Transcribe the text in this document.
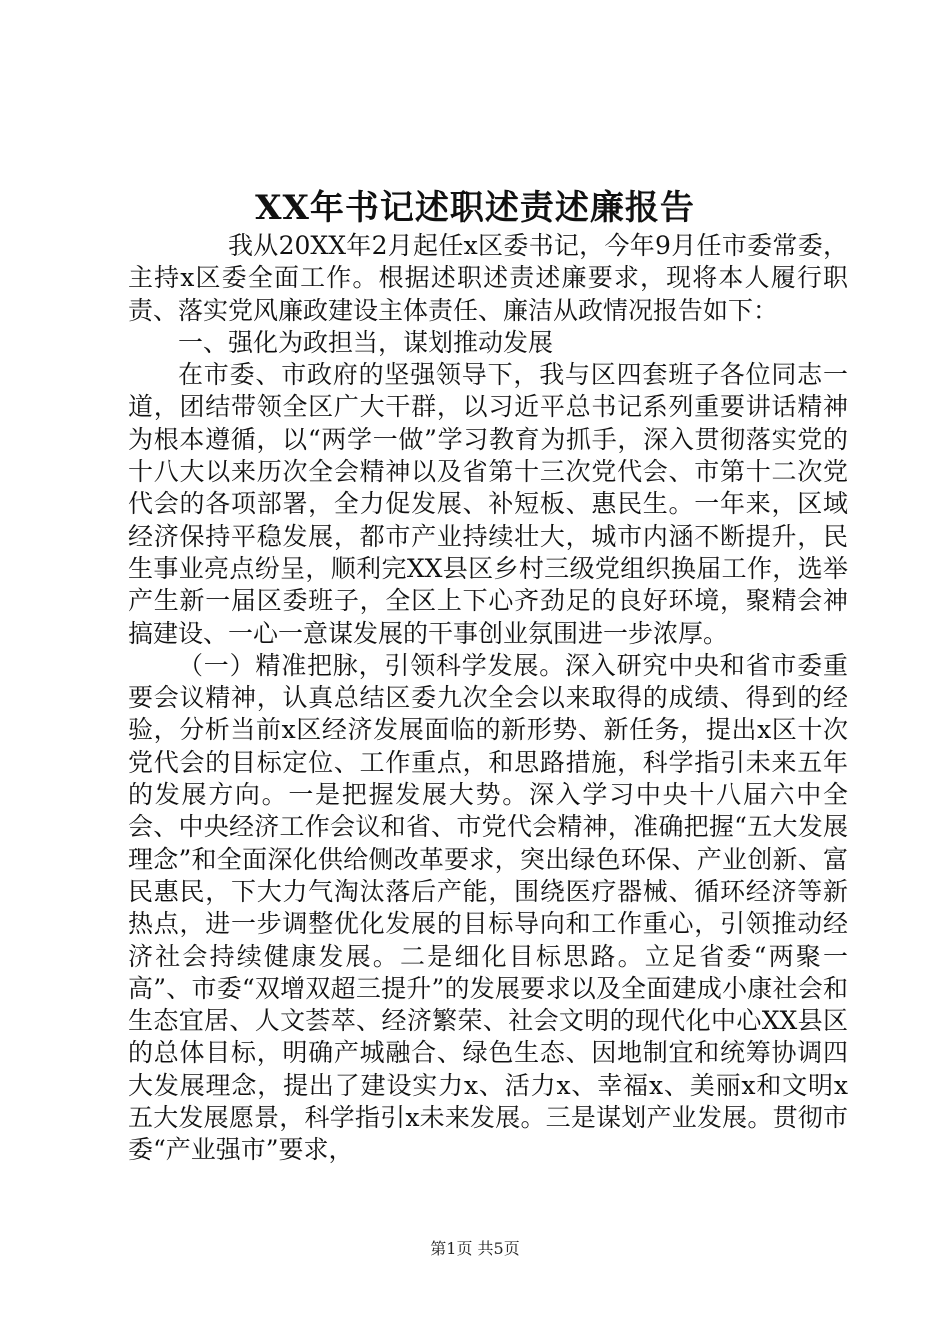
XX年书记述职述责述廉报告

我从20XX年2月起任x区委书记，今年9月任市委常委，主持x区委全面工作。根据述职述责述廉要求，现将本人履行职责、落实党风廉政建设主体责任、廉洁从政情况报告如下：

一、强化为政担当，谋划推动发展

在市委、市政府的坚强领导下，我与区四套班子各位同志一道，团结带领全区广大干群，以习近平总书记系列重要讲话精神为根本遵循，以“两学一做”学习教育为抓手，深入贯彻落实党的十八大以来历次全会精神以及省第十三次党代会、市第十二次党代会的各项部署，全力促发展、补短板、惠民生。一年来，区域经济保持平稳发展，都市产业持续壮大，城市内涵不断提升，民生事业亮点纷呈，顺利完XX县区乡村三级党组织换届工作，选举产生新一届区委班子，全区上下心齐劲足的良好环境，聚精会神搞建设、一心一意谋发展的干事创业氛围进一步浓厚。

（一）精准把脉，引领科学发展。深入研究中央和省市委重要会议精神，认真总结区委九次全会以来取得的成绩、得到的经验，分析当前x区经济发展面临的新形势、新任务，提出x区十次党代会的目标定位、工作重点，和思路措施，科学指引未来五年的发展方向。一是把握发展大势。深入学习中央十八届六中全会、中央经济工作会议和省、市党代会精神，准确把握“五大发展理念”和全面深化供给侧改革要求，突出绿色环保、产业创新、富民惠民，下大力气淘汰落后产能，围绕医疗器械、循环经济等新热点，进一步调整优化发展的目标导向和工作重心，引领推动经济社会持续健康发展。二是细化目标思路。立足省委“两聚一高”、市委“双增双超三提升”的发展要求以及全面建成小康社会和生态宜居、人文荟萃、经济繁荣、社会文明的现代化中心XX县区的总体目标，明确产城融合、绿色生态、因地制宜和统筹协调四大发展理念，提出了建设实力x、活力x、幸福x、美丽x和文明x五大发展愿景，科学指引x未来发展。三是谋划产业发展。贯彻市委“产业强市”要求，

第1页 共5页
